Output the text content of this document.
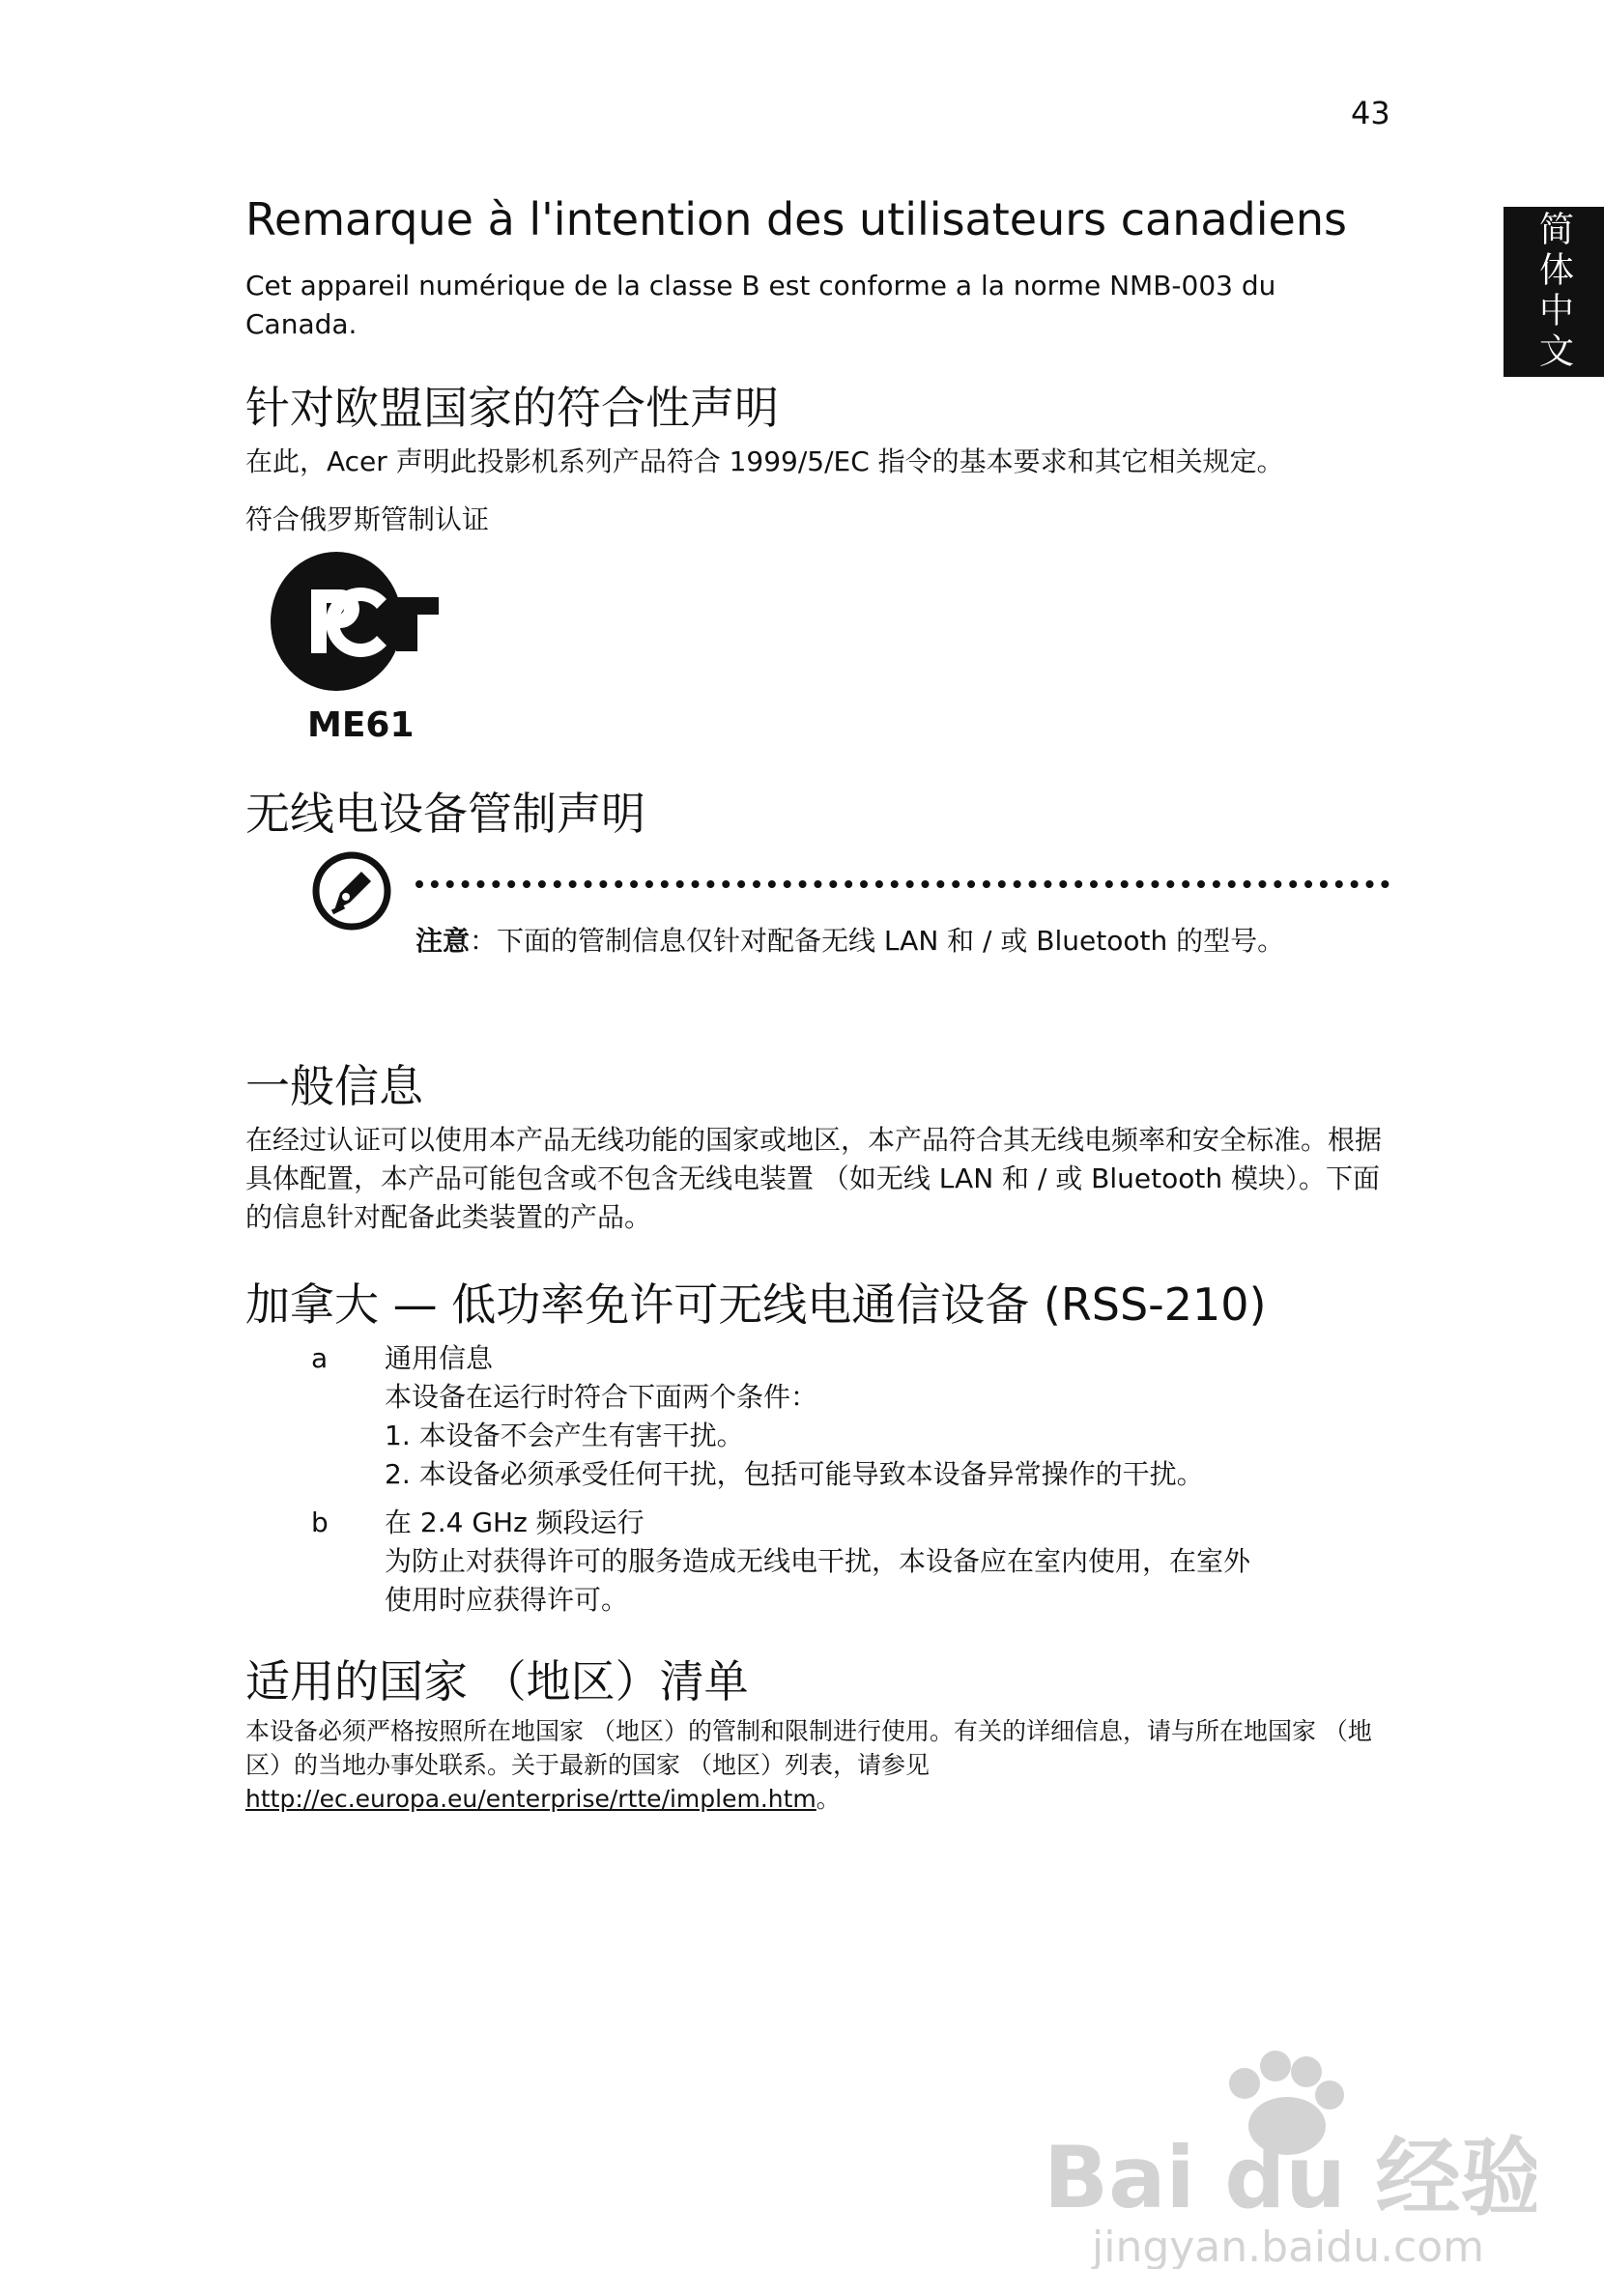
43
简体中文
Remarque à l'intention des utilisateurs canadiens

Cet appareil numérique de la classe B est conforme a la norme NMB-003 du Canada.

针对欧盟国家的符合性声明

在此，Acer 声明此投影机系列产品符合 1999/5/EC 指令的基本要求和其它相关规定。

符合俄罗斯管制认证

ME61
无线电设备管制声明
注意：下面的管制信息仅针对配备无线 LAN 和 / 或 Bluetooth 的型号。
一般信息

在经过认证可以使用本产品无线功能的国家或地区，本产品符合其无线电频率和安全标准。根据具体配置，本产品可能包含或不包含无线电装置 （如无线 LAN 和 / 或 Bluetooth 模块）。下面的信息针对配备此类装置的产品。

加拿大 — 低功率免许可无线电通信设备 (RSS-210)
a	通用信息
本设备在运行时符合下面两个条件：
1. 本设备不会产生有害干扰。
2. 本设备必须承受任何干扰，包括可能导致本设备异常操作的干扰。
b	在 2.4 GHz 频段运行
为防止对获得许可的服务造成无线电干扰，本设备应在室内使用，在室外
使用时应获得许可。
适用的国家 （地区）清单

本设备必须严格按照所在地国家 （地区）的管制和限制进行使用。有关的详细信息，请与所在地国家 （地区）的当地办事处联系。关于最新的国家 （地区）列表，请参见 http://ec.europa.eu/enterprise/rtte/implem.htm。

Bai du 经验
jingyan.baidu.com
